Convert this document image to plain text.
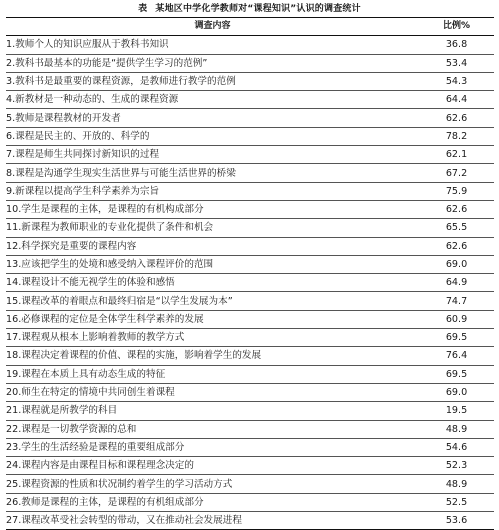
表 某地区中学化学教师对“课程知识”认识的调查统计
调查内容	比例%
1.教师个人的知识应服从于教科书知识	36.8
2.教科书最基本的功能是“提供学生学习的范例”	53.4
3.教科书是最重要的课程资源，是教师进行教学的范例	54.3
4.新教材是一种动态的、生成的课程资源	64.4
5.教师是课程教材的开发者	62.6
6.课程是民主的、开放的、科学的	78.2
7.课程是师生共同探讨新知识的过程	62.1
8.课程是沟通学生现实生活世界与可能生活世界的桥梁	67.2
9.新课程以提高学生科学素养为宗旨	75.9
10.学生是课程的主体，是课程的有机构成部分	62.6
11.新课程为教师职业的专业化提供了条件和机会	65.5
12.科学探究是重要的课程内容	62.6
13.应该把学生的处境和感受纳入课程评价的范围	69.0
14.课程设计不能无视学生的体验和感悟	64.9
15.课程改革的着眼点和最终归宿是“以学生发展为本”	74.7
16.必修课程的定位是全体学生科学素养的发展	60.9
17.课程观从根本上影响着教师的教学方式	69.5
18.课程决定着课程的价值、课程的实施，影响着学生的发展	76.4
19.课程在本质上具有动态生成的特征	69.5
20.师生在特定的情境中共同创生着课程	69.0
21.课程就是所教学的科目	19.5
22.课程是一切教学资源的总和	48.9
23.学生的生活经验是课程的重要组成部分	54.6
24.课程内容是由课程目标和课程理念决定的	52.3
25.课程资源的性质和状况制约着学生的学习活动方式	48.9
26.教师是课程的主体，是课程的有机组成部分	52.5
27.课程改革受社会转型的带动，又在推动社会发展进程	53.6
